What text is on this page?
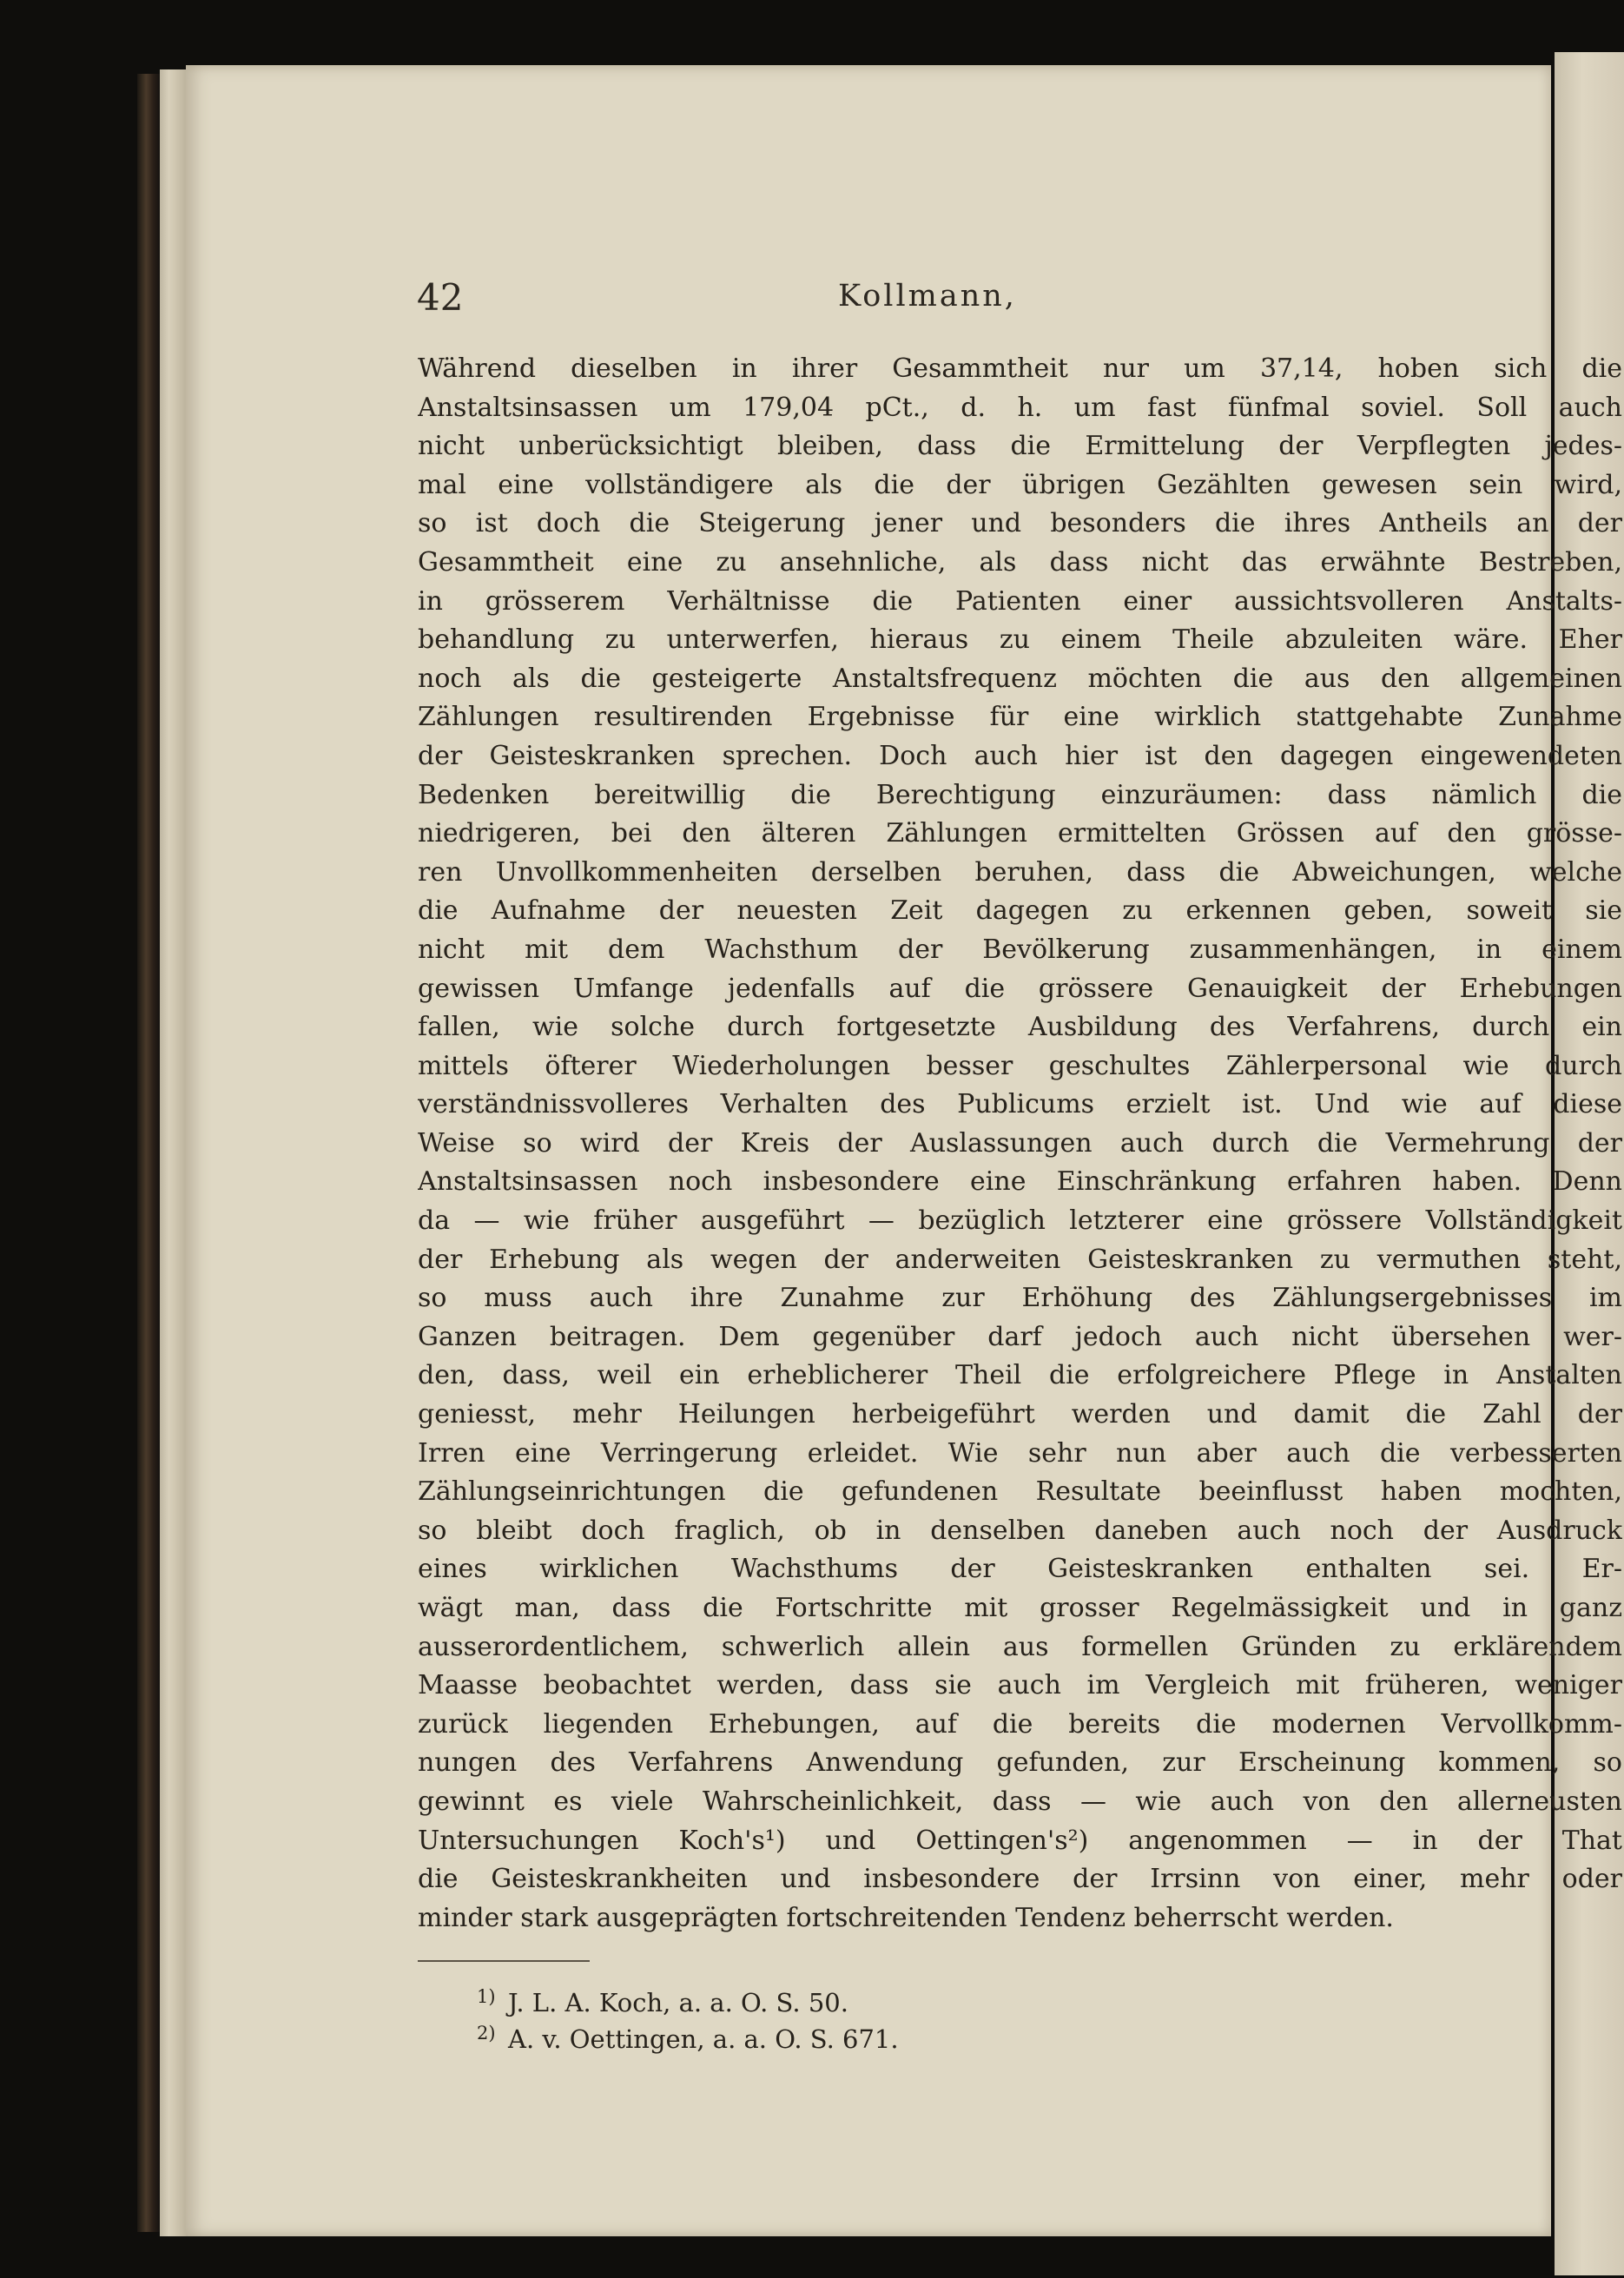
42	Kollmann,
Während dieselben in ihrer Gesammtheit nur um 37,14, hoben sich die
Anstaltsinsassen um 179,04 pCt., d. h. um fast fünfmal soviel. Soll auch
nicht unberücksichtigt bleiben, dass die Ermittelung der Verpflegten jedes-
mal eine vollständigere als die der übrigen Gezählten gewesen sein wird,
so ist doch die Steigerung jener und besonders die ihres Antheils an der
Gesammtheit eine zu ansehnliche, als dass nicht das erwähnte Bestreben,
in grösserem Verhältnisse die Patienten einer aussichtsvolleren Anstalts-
behandlung zu unterwerfen, hieraus zu einem Theile abzuleiten wäre. Eher
noch als die gesteigerte Anstaltsfrequenz möchten die aus den allgemeinen
Zählungen resultirenden Ergebnisse für eine wirklich stattgehabte Zunahme
der Geisteskranken sprechen. Doch auch hier ist den dagegen eingewendeten
Bedenken bereitwillig die Berechtigung einzuräumen: dass nämlich die
niedrigeren, bei den älteren Zählungen ermittelten Grössen auf den grösse-
ren Unvollkommenheiten derselben beruhen, dass die Abweichungen, welche
die Aufnahme der neuesten Zeit dagegen zu erkennen geben, soweit sie
nicht mit dem Wachsthum der Bevölkerung zusammenhängen, in einem
gewissen Umfange jedenfalls auf die grössere Genauigkeit der Erhebungen
fallen, wie solche durch fortgesetzte Ausbildung des Verfahrens, durch ein
mittels öfterer Wiederholungen besser geschultes Zählerpersonal wie durch
verständnissvolleres Verhalten des Publicums erzielt ist. Und wie auf diese
Weise so wird der Kreis der Auslassungen auch durch die Vermehrung der
Anstaltsinsassen noch insbesondere eine Einschränkung erfahren haben. Denn
da — wie früher ausgeführt — bezüglich letzterer eine grössere Vollständigkeit
der Erhebung als wegen der anderweiten Geisteskranken zu vermuthen steht,
so muss auch ihre Zunahme zur Erhöhung des Zählungsergebnisses im
Ganzen beitragen. Dem gegenüber darf jedoch auch nicht übersehen wer-
den, dass, weil ein erheblicherer Theil die erfolgreichere Pflege in Anstalten
geniesst, mehr Heilungen herbeigeführt werden und damit die Zahl der
Irren eine Verringerung erleidet. Wie sehr nun aber auch die verbesserten
Zählungseinrichtungen die gefundenen Resultate beeinflusst haben mochten,
so bleibt doch fraglich, ob in denselben daneben auch noch der Ausdruck
eines wirklichen Wachsthums der Geisteskranken enthalten sei. Er-
wägt man, dass die Fortschritte mit grosser Regelmässigkeit und in ganz
ausserordentlichem, schwerlich allein aus formellen Gründen zu erklärendem
Maasse beobachtet werden, dass sie auch im Vergleich mit früheren, weniger
zurück liegenden Erhebungen, auf die bereits die modernen Vervollkomm-
nungen des Verfahrens Anwendung gefunden, zur Erscheinung kommen, so
gewinnt es viele Wahrscheinlichkeit, dass — wie auch von den allerneusten
Untersuchungen Koch's¹) und Oettingen's²) angenommen — in der That
die Geisteskrankheiten und insbesondere der Irrsinn von einer, mehr oder
minder stark ausgeprägten fortschreitenden Tendenz beherrscht werden.
1) J. L. A. Koch, a. a. O. S. 50.
2) A. v. Oettingen, a. a. O. S. 671.
